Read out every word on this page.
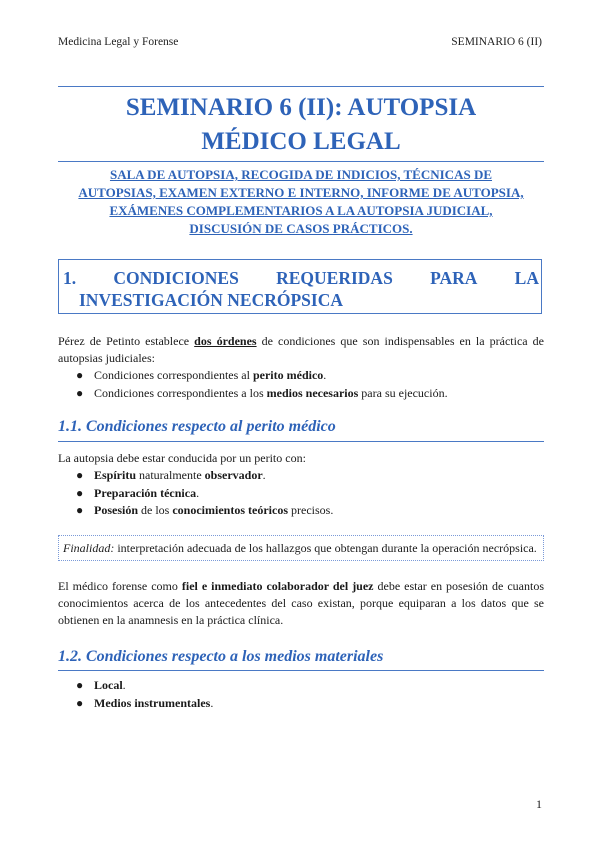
Medicina Legal y Forense	SEMINARIO 6 (II)
SEMINARIO 6 (II): AUTOPSIA
MÉDICO LEGAL
SALA DE AUTOPSIA, RECOGIDA DE INDICIOS, TÉCNICAS DE
AUTOPSIAS, EXAMEN EXTERNO E INTERNO, INFORME DE AUTOPSIA,
EXÁMENES COMPLEMENTARIOS A LA AUTOPSIA JUDICIAL,
DISCUSIÓN DE CASOS PRÁCTICOS.
1. CONDICIONES REQUERIDAS PARA LA
INVESTIGACIÓN NECRÓPSICA
Pérez de Petinto establece dos órdenes de condiciones que son indispensables en la práctica de autopsias judiciales:
● Condiciones correspondientes al perito médico.
● Condiciones correspondientes a los medios necesarios para su ejecución.
1.1. Condiciones respecto al perito médico
La autopsia debe estar conducida por un perito con:
● Espíritu naturalmente observador.
● Preparación técnica.
● Posesión de los conocimientos teóricos precisos.
Finalidad: interpretación adecuada de los hallazgos que obtengan durante la operación necrópsica.
El médico forense como fiel e inmediato colaborador del juez debe estar en posesión de cuantos conocimientos acerca de los antecedentes del caso existan, porque equiparan a los datos que se obtienen en la anamnesis en la práctica clínica.
1.2. Condiciones respecto a los medios materiales
● Local.
● Medios instrumentales.
1
